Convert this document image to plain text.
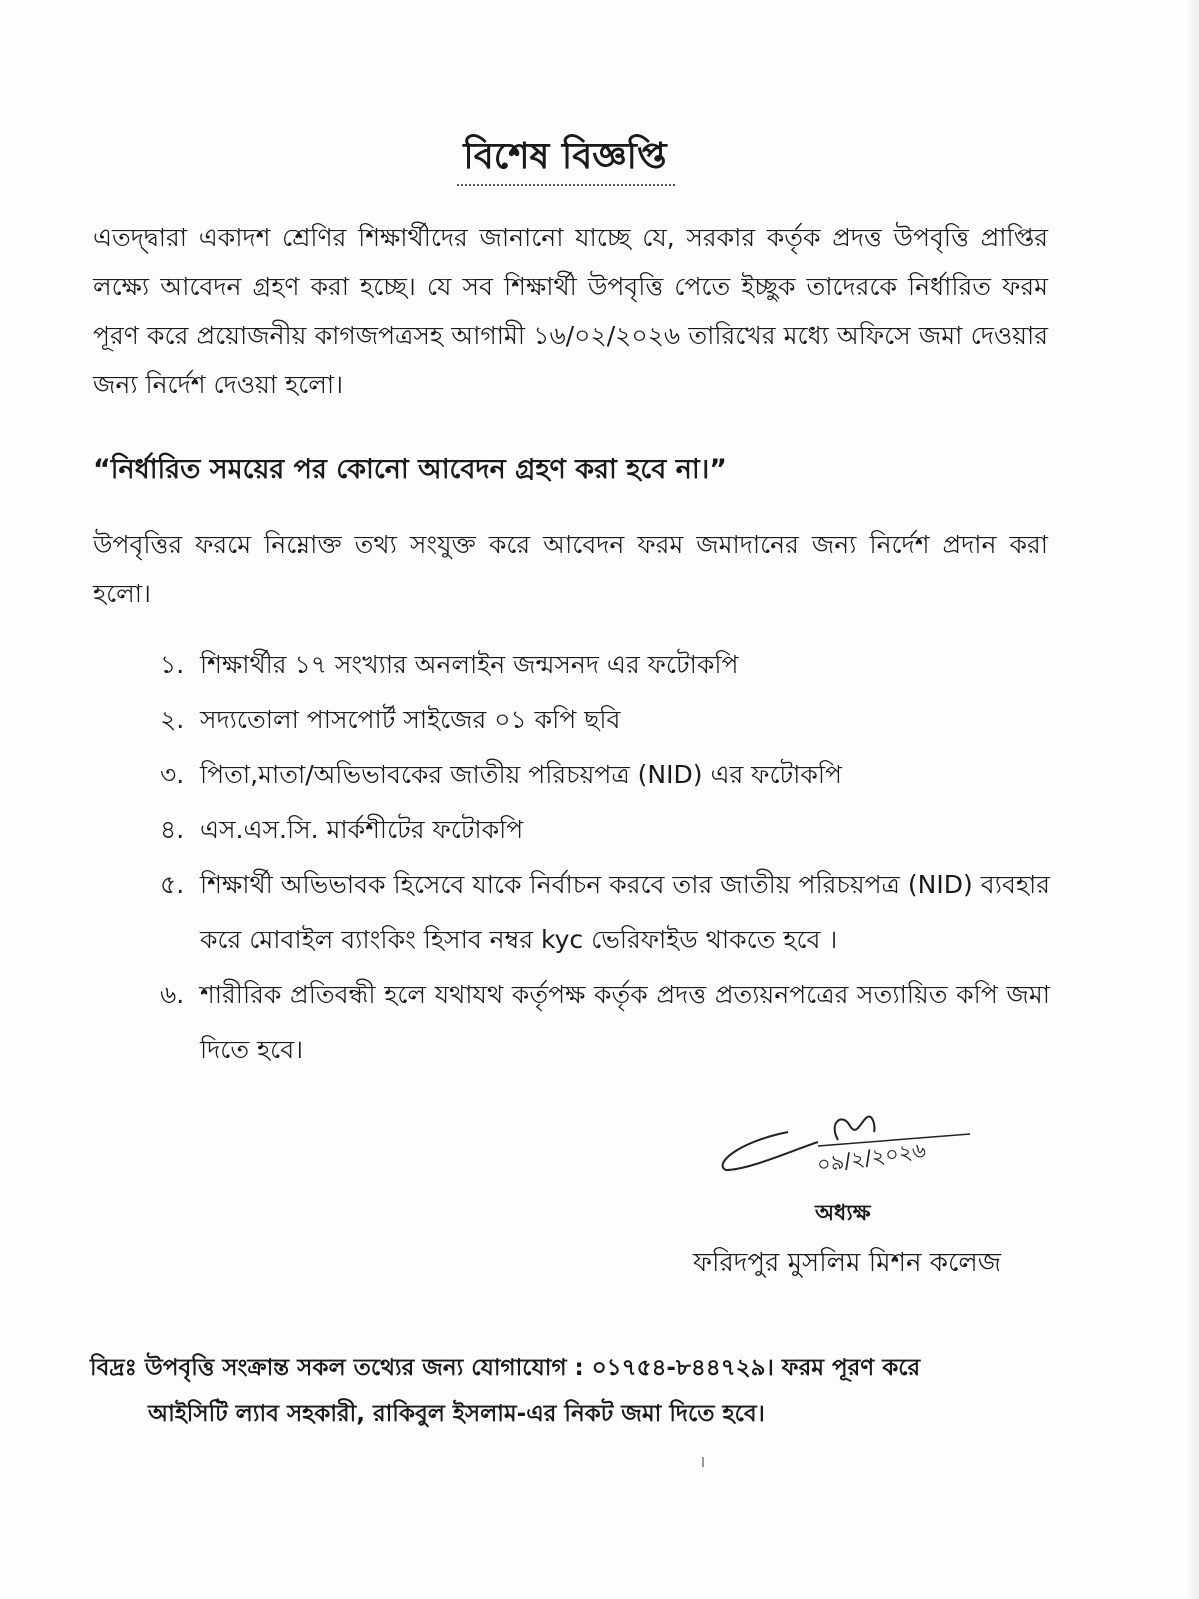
বিশেষ বিজ্ঞপ্তি
এতদ্দ্বারা একাদশ শ্রেণির শিক্ষার্থীদের জানানো যাচ্ছে যে, সরকার কর্তৃক প্রদত্ত উপবৃত্তি প্রাপ্তির লক্ষ্যে আবেদন গ্রহণ করা হচ্ছে। যে সব শিক্ষার্থী উপবৃত্তি পেতে ইচ্ছুক তাদেরকে নির্ধারিত ফরম পূরণ করে প্রয়োজনীয় কাগজপত্রসহ আগামী ১৬/০২/২০২৬ তারিখের মধ্যে অফিসে জমা দেওয়ার জন্য নির্দেশ দেওয়া হলো।
“নির্ধারিত সময়ের পর কোনো আবেদন গ্রহণ করা হবে না।”
উপবৃত্তির ফরমে নিম্নোক্ত তথ্য সংযুক্ত করে আবেদন ফরম জমাদানের জন্য নির্দেশ প্রদান করা হলো।
১. শিক্ষার্থীর ১৭ সংখ্যার অনলাইন জন্মসনদ এর ফটোকপি
২. সদ্যতোলা পাসপোর্ট সাইজের ০১ কপি ছবি
৩. পিতা,মাতা/অভিভাবকের জাতীয় পরিচয়পত্র (NID) এর ফটোকপি
৪. এস.এস.সি. মার্কশীটের ফটোকপি
৫. শিক্ষার্থী অভিভাবক হিসেবে যাকে নির্বাচন করবে তার জাতীয় পরিচয়পত্র (NID) ব্যবহার করে মোবাইল ব্যাংকিং হিসাব নম্বর kyc ভেরিফাইড থাকতে হবে ।
৬. শারীরিক প্রতিবন্ধী হলে যথাযথ কর্তৃপক্ষ কর্তৃক প্রদত্ত প্রত্যয়নপত্রের সত্যায়িত কপি জমা দিতে হবে।
০৯/২/২০২৬
অধ্যক্ষ
ফরিদপুর মুসলিম মিশন কলেজ
বিদ্রঃ উপবৃত্তি সংক্রান্ত সকল তথ্যের জন্য যোগাযোগ : ০১৭৫৪-৮৪৪৭২৯। ফরম পূরণ করে
আইসিটি ল্যাব সহকারী, রাকিবুল ইসলাম-এর নিকট জমা দিতে হবে।
